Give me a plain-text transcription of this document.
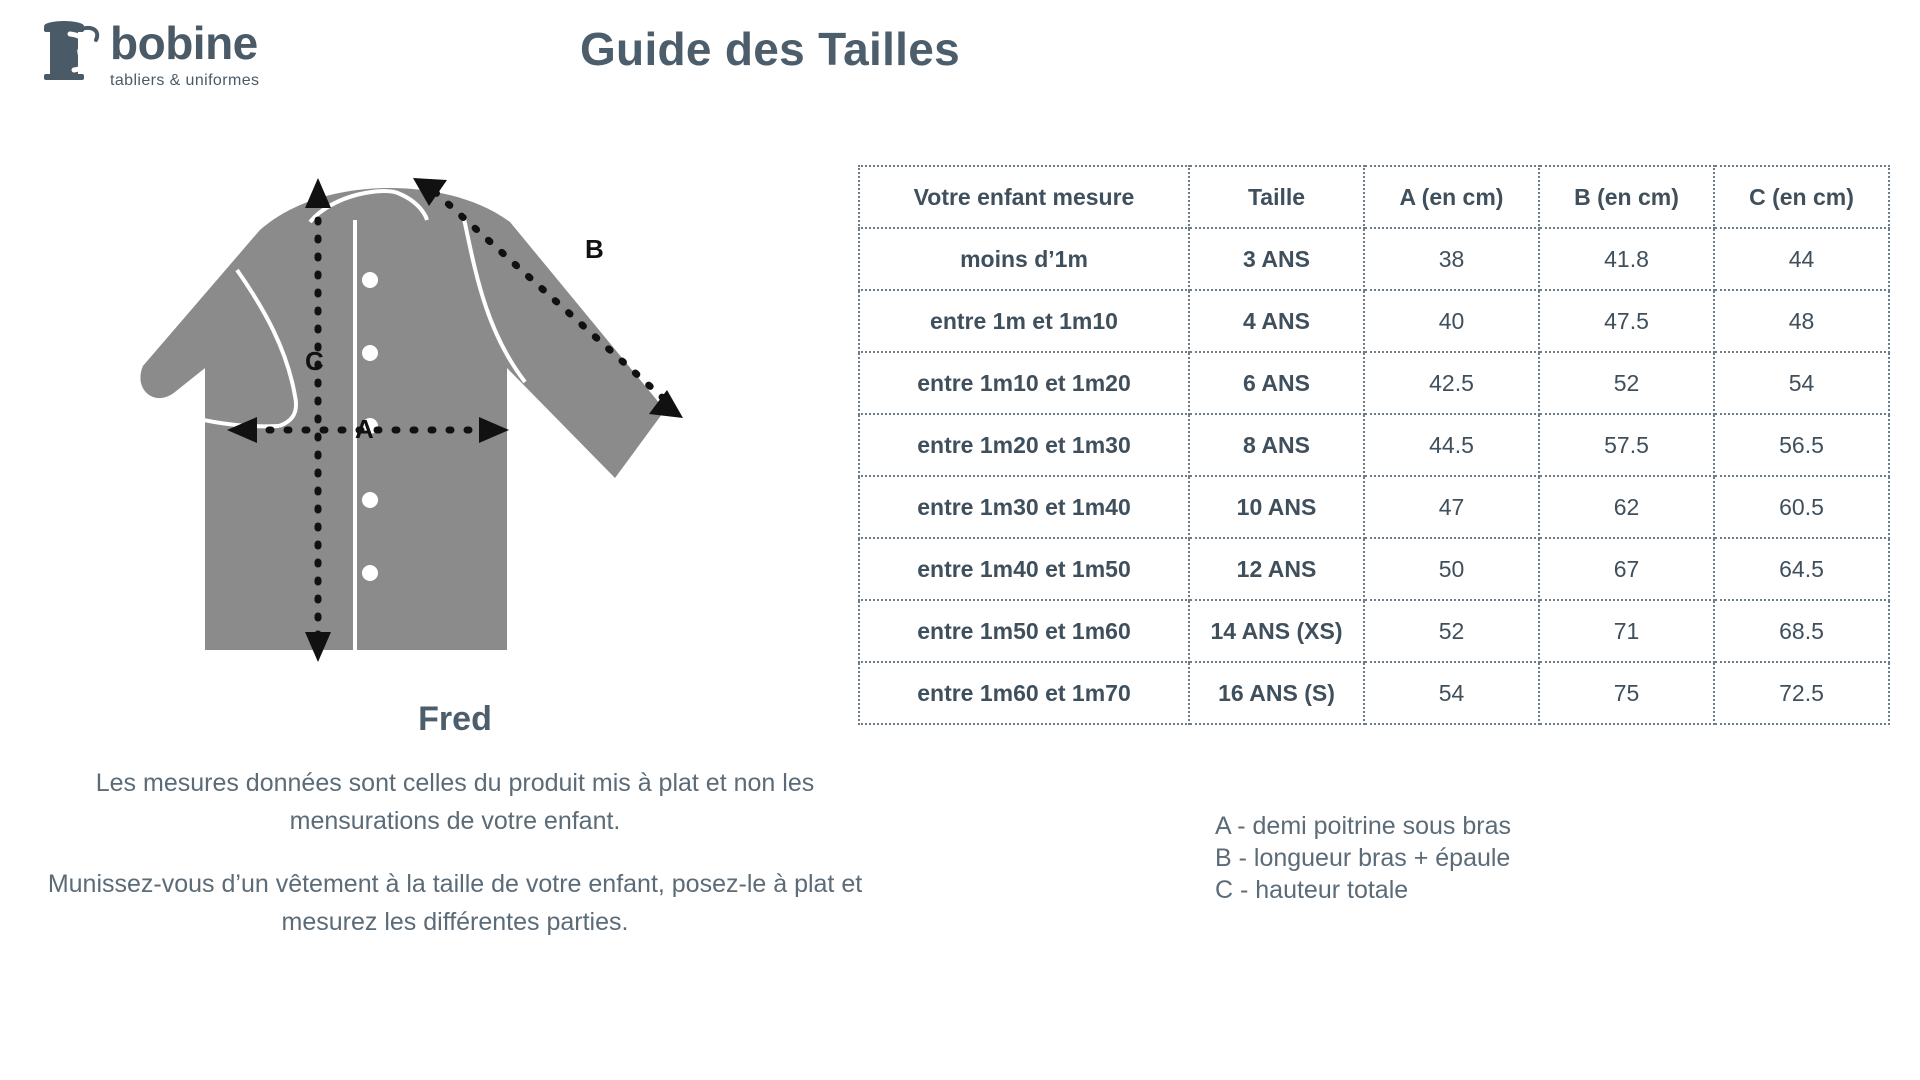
bobine
tabliers & uniformes
Guide des Tailles
A
C
B
Fred

Les mesures données sont celles du produit mis à plat et non les mensurations de votre enfant.

Munissez-vous d’un vêtement à la taille de votre enfant, posez-le à plat et mesurez les différentes parties.

Votre enfant mesure	Taille	A (en cm)	B (en cm)	C (en cm)
moins d’1m	3 ANS	38	41.8	44
entre 1m et 1m10	4 ANS	40	47.5	48
entre 1m10 et 1m20	6 ANS	42.5	52	54
entre 1m20 et 1m30	8 ANS	44.5	57.5	56.5
entre 1m30 et 1m40	10 ANS	47	62	60.5
entre 1m40 et 1m50	12 ANS	50	67	64.5
entre 1m50 et 1m60	14 ANS (XS)	52	71	68.5
entre 1m60 et 1m70	16 ANS (S)	54	75	72.5
A - demi poitrine sous bras
B - longueur bras + épaule
C - hauteur totale
